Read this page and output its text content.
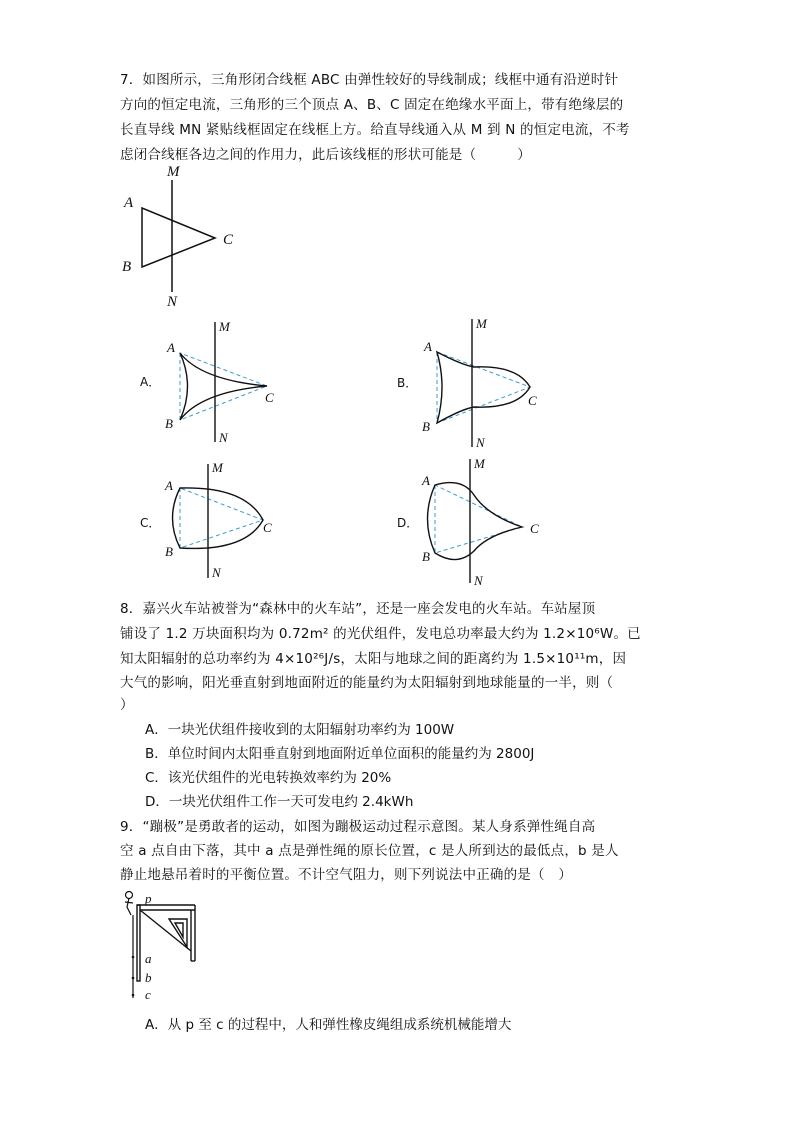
7．如图所示，三角形闭合线框 ABC 由弹性较好的导线制成；线框中通有沿逆时针
方向的恒定电流，三角形的三个顶点 A、B、C 固定在绝缘水平面上，带有绝缘层的
长直导线 MN 紧贴线框固定在线框上方。给直导线通入从 M 到 N 的恒定电流，不考
虑闭合线框各边之间的作用力，此后该线框的形状可能是（　　　）
M
A
B
C
N
A．
M
A
B
C
N
B．
M
A
B
C
N
C．
M
A
B
C
N
D．
M
A
B
C
N
8．嘉兴火车站被誉为“森林中的火车站”，还是一座会发电的火车站。车站屋顶
铺设了 1.2 万块面积均为 0.72m² 的光伏组件，发电总功率最大约为 1.2×10⁶W。已
知太阳辐射的总功率约为 4×10²⁶J/s，太阳与地球之间的距离约为 1.5×10¹¹m，因
大气的影响，阳光垂直射到地面附近的能量约为太阳辐射到地球能量的一半，则（
）
A．一块光伏组件接收到的太阳辐射功率约为 100W
B．单位时间内太阳垂直射到地面附近单位面积的能量约为 2800J
C．该光伏组件的光电转换效率约为 20%
D．一块光伏组件工作一天可发电约 2.4kWh
9．“蹦极”是勇敢者的运动，如图为蹦极运动过程示意图。某人身系弹性绳自高
空 a 点自由下落，其中 a 点是弹性绳的原长位置，c 是人所到达的最低点，b 是人
静止地悬吊着时的平衡位置。不计空气阻力，则下列说法中正确的是（　）
p
a
b
c
A．从 p 至 c 的过程中，人和弹性橡皮绳组成系统机械能增大
